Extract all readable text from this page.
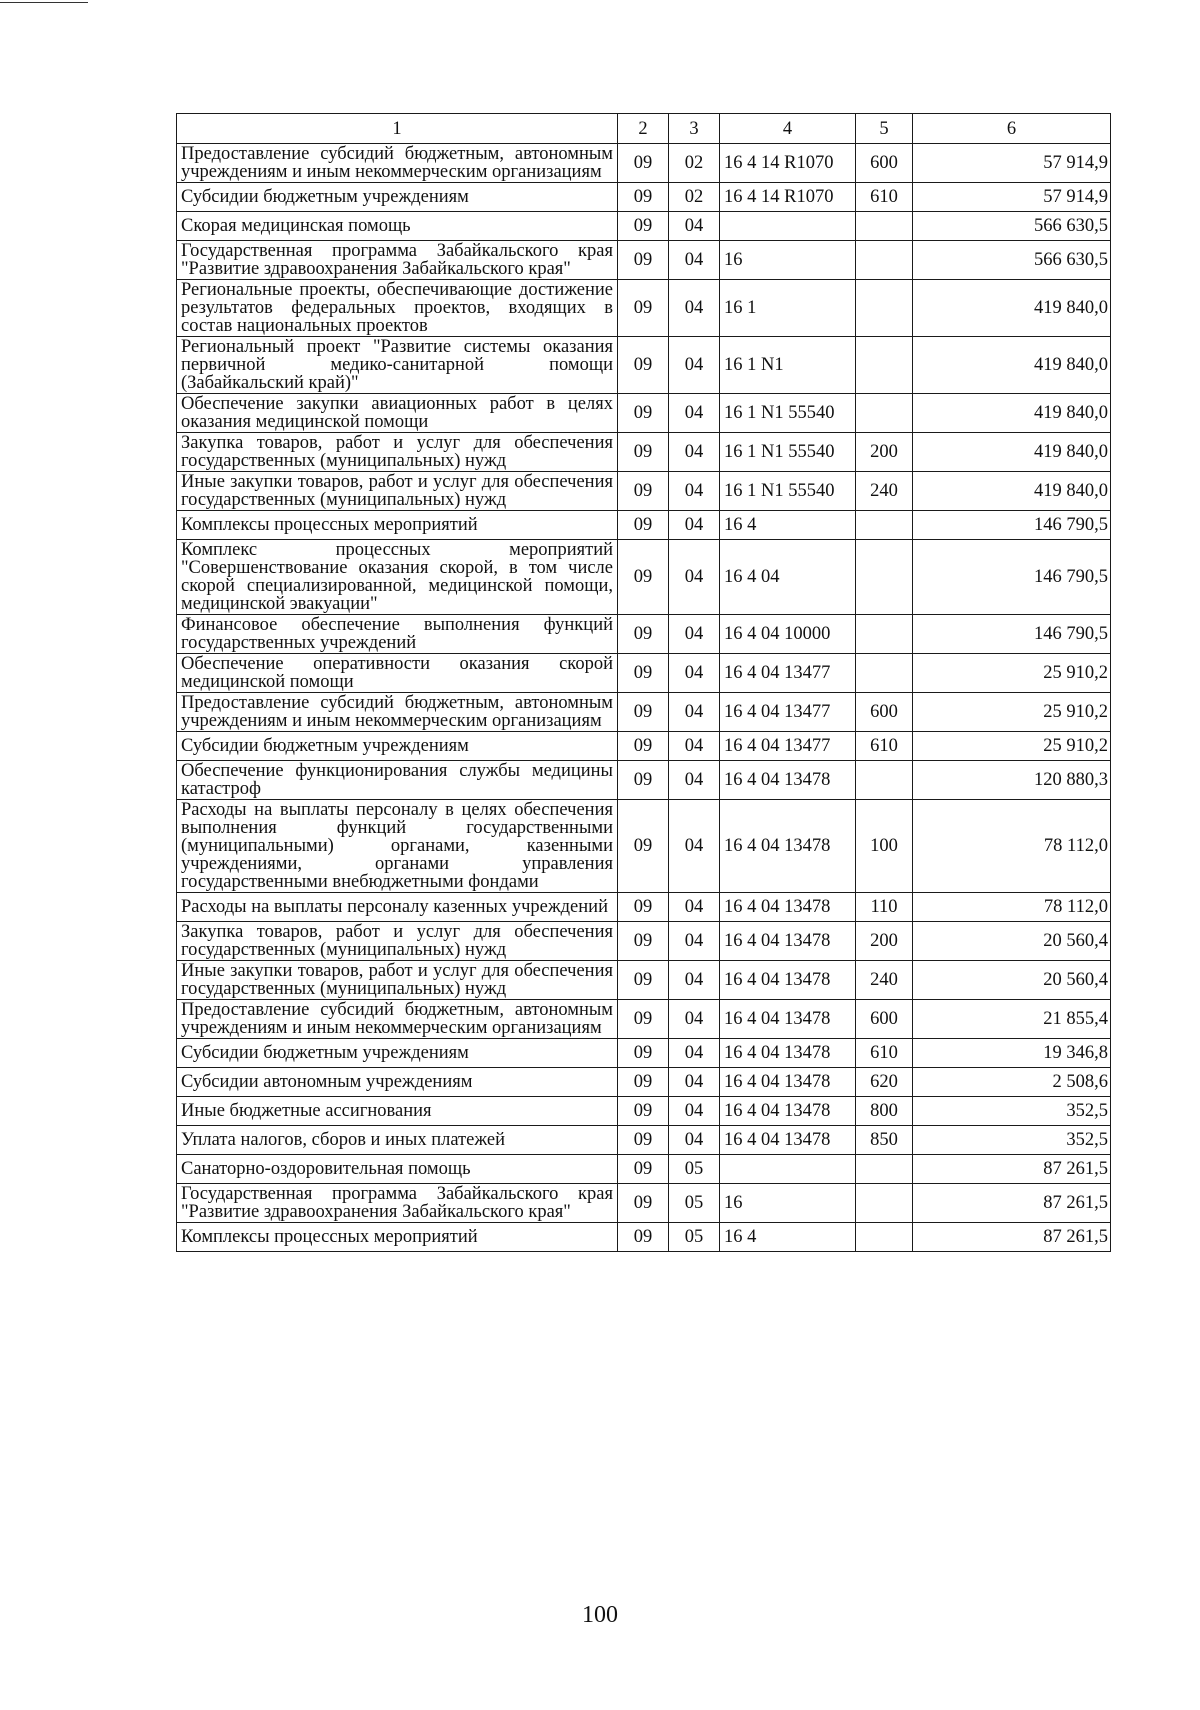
1	2	3	4	5	6
Предоставление субсидий бюджетным, автономным учреждениям и иным некоммерческим организациям	09	02	16 4 14 R1070	600	57 914,9
Субсидии бюджетным учреждениям	09	02	16 4 14 R1070	610	57 914,9
Скорая медицинская помощь	09	04			566 630,5
Государственная программа Забайкальского края "Развитие здравоохранения Забайкальского края"	09	04	16		566 630,5
Региональные проекты, обеспечивающие достижение результатов федеральных проектов, входящих в состав национальных проектов	09	04	16 1		419 840,0
Региональный проект "Развитие системы оказания первичной медико-санитарной помощи (Забайкальский край)"	09	04	16 1 N1		419 840,0
Обеспечение закупки авиационных работ в целях оказания медицинской помощи	09	04	16 1 N1 55540		419 840,0
Закупка товаров, работ и услуг для обеспечения государственных (муниципальных) нужд	09	04	16 1 N1 55540	200	419 840,0
Иные закупки товаров, работ и услуг для обеспечения государственных (муниципальных) нужд	09	04	16 1 N1 55540	240	419 840,0
Комплексы процессных мероприятий	09	04	16 4		146 790,5
Комплекс процессных мероприятий "Совершенствование оказания скорой, в том числе скорой специализированной, медицинской помощи, медицинской эвакуации"	09	04	16 4 04		146 790,5
Финансовое обеспечение выполнения функций государственных учреждений	09	04	16 4 04 10000		146 790,5
Обеспечение оперативности оказания скорой медицинской помощи	09	04	16 4 04 13477		25 910,2
Предоставление субсидий бюджетным, автономным учреждениям и иным некоммерческим организациям	09	04	16 4 04 13477	600	25 910,2
Субсидии бюджетным учреждениям	09	04	16 4 04 13477	610	25 910,2
Обеспечение функционирования службы медицины катастроф	09	04	16 4 04 13478		120 880,3
Расходы на выплаты персоналу в целях обеспечения выполнения функций государственными (муниципальными) органами, казенными учреждениями, органами управления государственными внебюджетными фондами	09	04	16 4 04 13478	100	78 112,0
Расходы на выплаты персоналу казенных учреждений	09	04	16 4 04 13478	110	78 112,0
Закупка товаров, работ и услуг для обеспечения государственных (муниципальных) нужд	09	04	16 4 04 13478	200	20 560,4
Иные закупки товаров, работ и услуг для обеспечения государственных (муниципальных) нужд	09	04	16 4 04 13478	240	20 560,4
Предоставление субсидий бюджетным, автономным учреждениям и иным некоммерческим организациям	09	04	16 4 04 13478	600	21 855,4
Субсидии бюджетным учреждениям	09	04	16 4 04 13478	610	19 346,8
Субсидии автономным учреждениям	09	04	16 4 04 13478	620	2 508,6
Иные бюджетные ассигнования	09	04	16 4 04 13478	800	352,5
Уплата налогов, сборов и иных платежей	09	04	16 4 04 13478	850	352,5
Санаторно-оздоровительная помощь	09	05			87 261,5
Государственная программа Забайкальского края "Развитие здравоохранения Забайкальского края"	09	05	16		87 261,5
Комплексы процессных мероприятий	09	05	16 4		87 261,5
100
